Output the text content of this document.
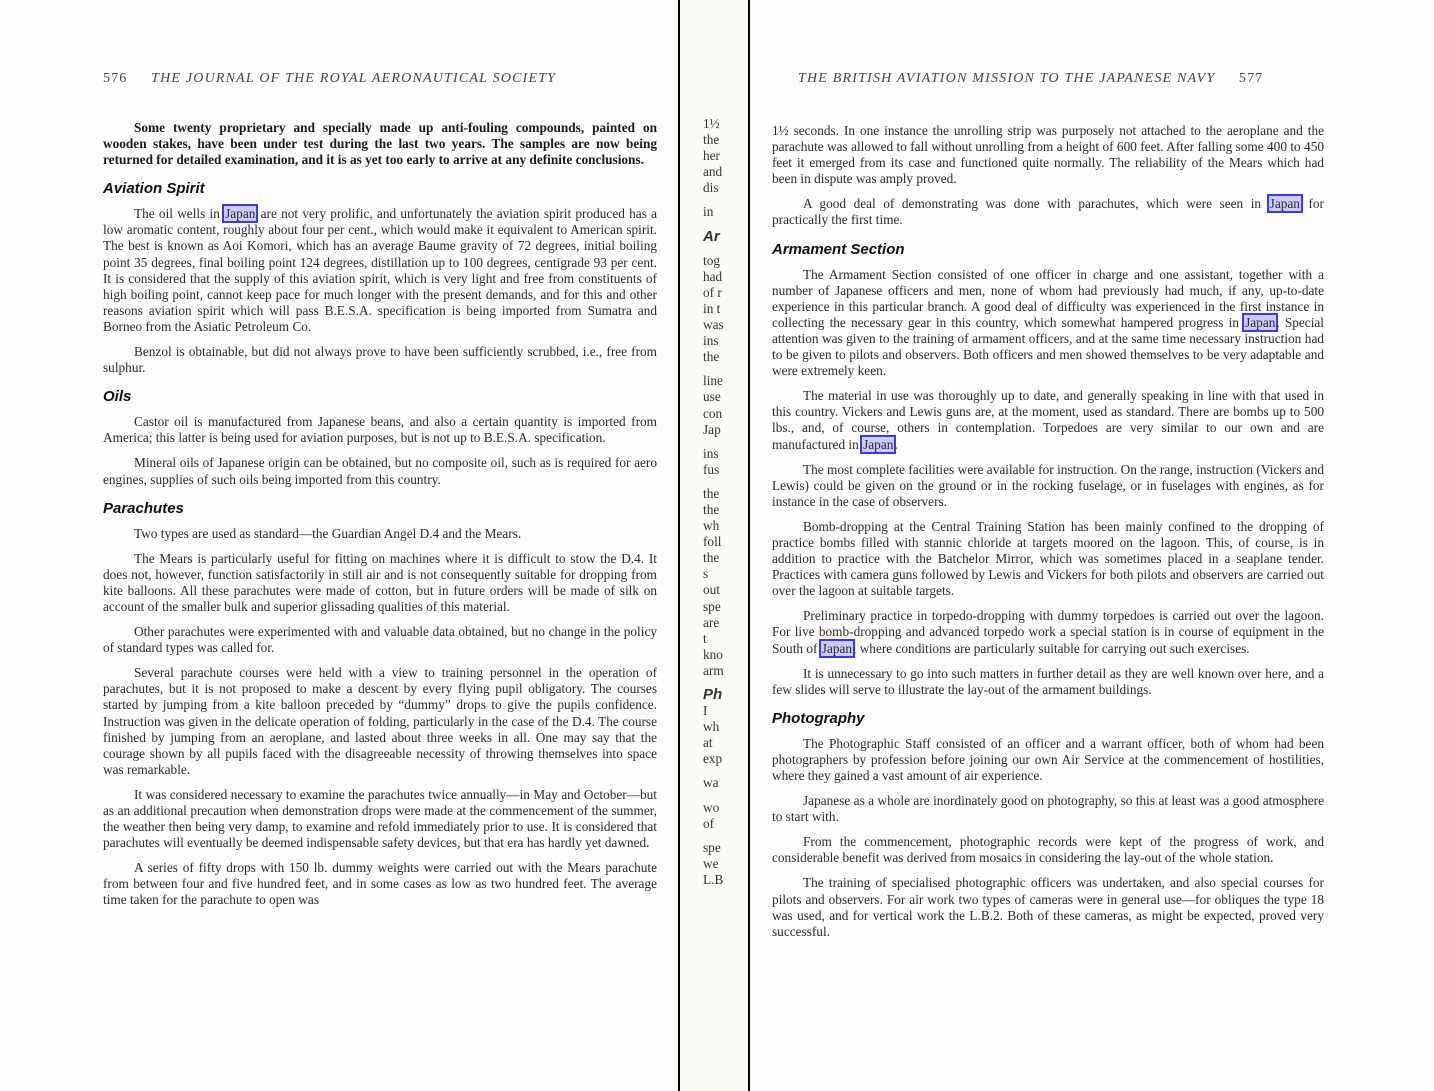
576 THE JOURNAL OF THE ROYAL AERONAUTICAL SOCIETY

Some twenty proprietary and specially made up anti-fouling compounds, painted on wooden stakes, have been under test during the last two years. The samples are now being returned for detailed examination, and it is as yet too early to arrive at any definite conclusions.

Aviation Spirit

The oil wells in Japan are not very prolific, and unfortunately the aviation spirit produced has a low aromatic content, roughly about four per cent., which would make it equivalent to American spirit. The best is known as Aoi Komori, which has an average Baume gravity of 72 degrees, initial boiling point 35 degrees, final boiling point 124 degrees, distillation up to 100 degrees, centigrade 93 per cent. It is considered that the supply of this aviation spirit, which is very light and free from constituents of high boiling point, cannot keep pace for much longer with the present demands, and for this and other reasons aviation spirit which will pass B.E.S.A. specification is being imported from Sumatra and Borneo from the Asiatic Petroleum Co.

Benzol is obtainable, but did not always prove to have been sufficiently scrubbed, i.e., free from sulphur.

Oils

Castor oil is manufactured from Japanese beans, and also a certain quantity is imported from America; this latter is being used for aviation purposes, but is not up to B.E.S.A. specification.

Mineral oils of Japanese origin can be obtained, but no composite oil, such as is required for aero engines, supplies of such oils being imported from this country.

Parachutes

Two types are used as standard—the Guardian Angel D.4 and the Mears.

The Mears is particularly useful for fitting on machines where it is difficult to stow the D.4. It does not, however, function satisfactorily in still air and is not consequently suitable for dropping from kite balloons. All these parachutes were made of cotton, but in future orders will be made of silk on account of the smaller bulk and superior glissading qualities of this material.

Other parachutes were experimented with and valuable data obtained, but no change in the policy of standard types was called for.

Several parachute courses were held with a view to training personnel in the operation of parachutes, but it is not proposed to make a descent by every flying pupil obligatory. The courses started by jumping from a kite balloon preceded by “dummy” drops to give the pupils confidence. Instruction was given in the delicate operation of folding, particularly in the case of the D.4. The course finished by jumping from an aeroplane, and lasted about three weeks in all. One may say that the courage shown by all pupils faced with the disagreeable necessity of throwing themselves into space was remarkable.

It was considered necessary to examine the parachutes twice annually—in May and October—but as an additional precaution when demonstration drops were made at the commencement of the summer, the weather then being very damp, to examine and refold immediately prior to use. It is considered that parachutes will eventually be deemed indispensable safety devices, but that era has hardly yet dawned.

A series of fifty drops with 150 lb. dummy weights were carried out with the Mears parachute from between four and five hundred feet, and in some cases as low as two hundred feet. The average time taken for the parachute to open was

1½
the
her
and
dis
in
Ar
tog
had
of r
in t
was
ins
the
line
use
con
Jap
ins
fus
the
the
wh
foll
the
s
out
spe
are
t
kno
arm
Ph
I
wh
at
exp
wa
wo
of
spe
we
L.B
THE BRITISH AVIATION MISSION TO THE JAPANESE NAVY 577

1½ seconds. In one instance the unrolling strip was purposely not attached to the aeroplane and the parachute was allowed to fall without unrolling from a height of 600 feet. After falling some 400 to 450 feet it emerged from its case and functioned quite normally. The reliability of the Mears which had been in dispute was amply proved.

A good deal of demonstrating was done with parachutes, which were seen in Japan for practically the first time.

Armament Section

The Armament Section consisted of one officer in charge and one assistant, together with a number of Japanese officers and men, none of whom had previously had much, if any, up-to-date experience in this particular branch. A good deal of difficulty was experienced in the first instance in collecting the necessary gear in this country, which somewhat hampered progress in Japan. Special attention was given to the training of armament officers, and at the same time necessary instruction had to be given to pilots and observers. Both officers and men showed themselves to be very adaptable and were extremely keen.

The material in use was thoroughly up to date, and generally speaking in line with that used in this country. Vickers and Lewis guns are, at the moment, used as standard. There are bombs up to 500 lbs., and, of course, others in contemplation. Torpedoes are very similar to our own and are manufactured in Japan.

The most complete facilities were available for instruction. On the range, instruction (Vickers and Lewis) could be given on the ground or in the rocking fuselage, or in fuselages with engines, as for instance in the case of observers.

Bomb-dropping at the Central Training Station has been mainly confined to the dropping of practice bombs filled with stannic chloride at targets moored on the lagoon. This, of course, is in addition to practice with the Batchelor Mirror, which was sometimes placed in a seaplane tender. Practices with camera guns followed by Lewis and Vickers for both pilots and observers are carried out over the lagoon at suitable targets.

Preliminary practice in torpedo-dropping with dummy torpedoes is carried out over the lagoon. For live bomb-dropping and advanced torpedo work a special station is in course of equipment in the South of Japan, where conditions are particularly suitable for carrying out such exercises.

It is unnecessary to go into such matters in further detail as they are well known over here, and a few slides will serve to illustrate the lay-out of the armament buildings.

Photography

The Photographic Staff consisted of an officer and a warrant officer, both of whom had been photographers by profession before joining our own Air Service at the commencement of hostilities, where they gained a vast amount of air experience.

Japanese as a whole are inordinately good on photography, so this at least was a good atmosphere to start with.

From the commencement, photographic records were kept of the progress of work, and considerable benefit was derived from mosaics in considering the lay-out of the whole station.

The training of specialised photographic officers was undertaken, and also special courses for pilots and observers. For air work two types of cameras were in general use—for obliques the type 18 was used, and for vertical work the L.B.2. Both of these cameras, as might be expected, proved very successful.
